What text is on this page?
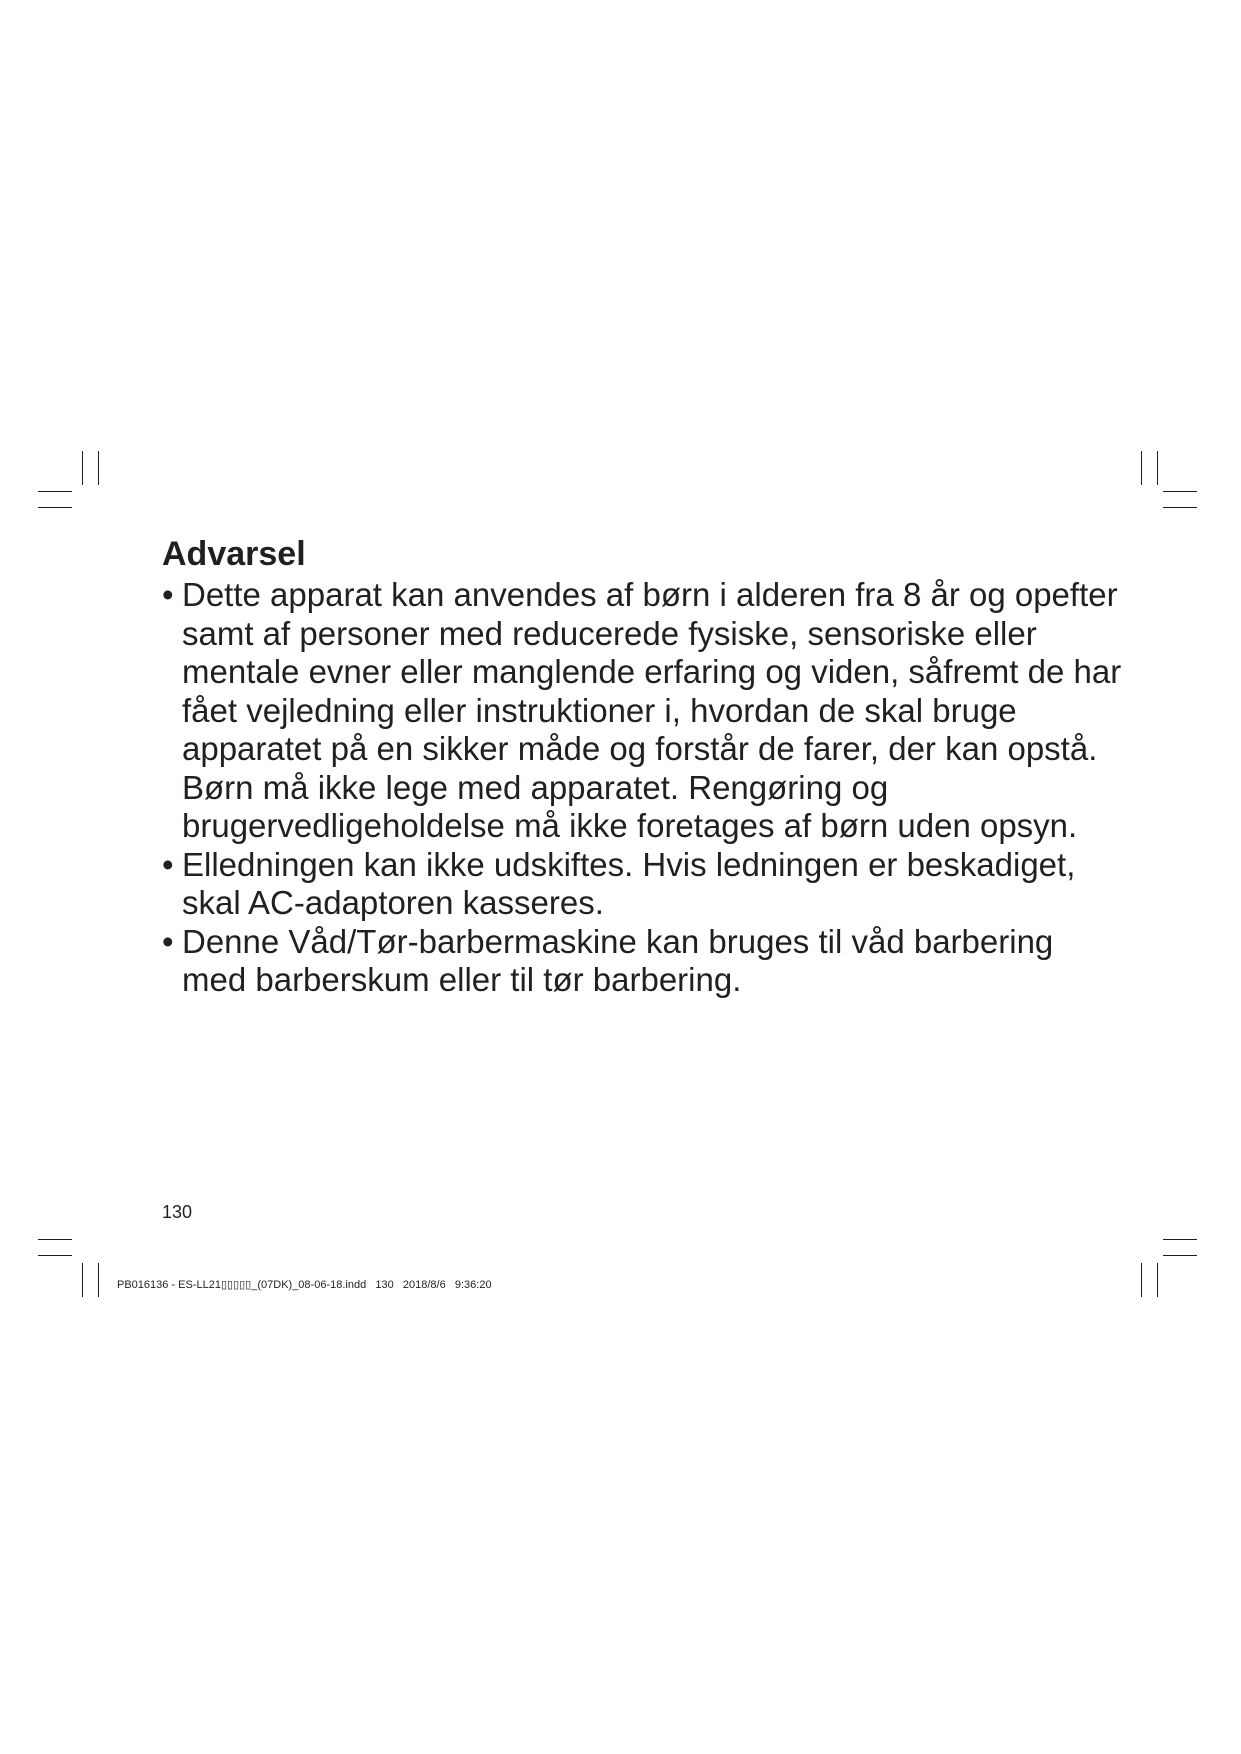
Advarsel
• Dette apparat kan anvendes af børn i alderen fra 8 år og opefter samt af personer med reducerede fysiske, sensoriske eller mentale evner eller manglende erfaring og viden, såfremt de har fået vejledning eller instruktioner i, hvordan de skal bruge apparatet på en sikker måde og forstår de farer, der kan opstå. Børn må ikke lege med apparatet. Rengøring og brugervedligeholdelse må ikke foretages af børn uden opsyn.
• Elledningen kan ikke udskiftes. Hvis ledningen er beskadiget, skal AC-adaptoren kasseres.
• Denne Våd/Tør-barbermaskine kan bruges til våd barbering med barberskum eller til tør barbering.
130
PB016136 - ES-LL21▯▯▯▯▯_(07DK)_08-06-18.indd   130   2018/8/6   9:36:20
